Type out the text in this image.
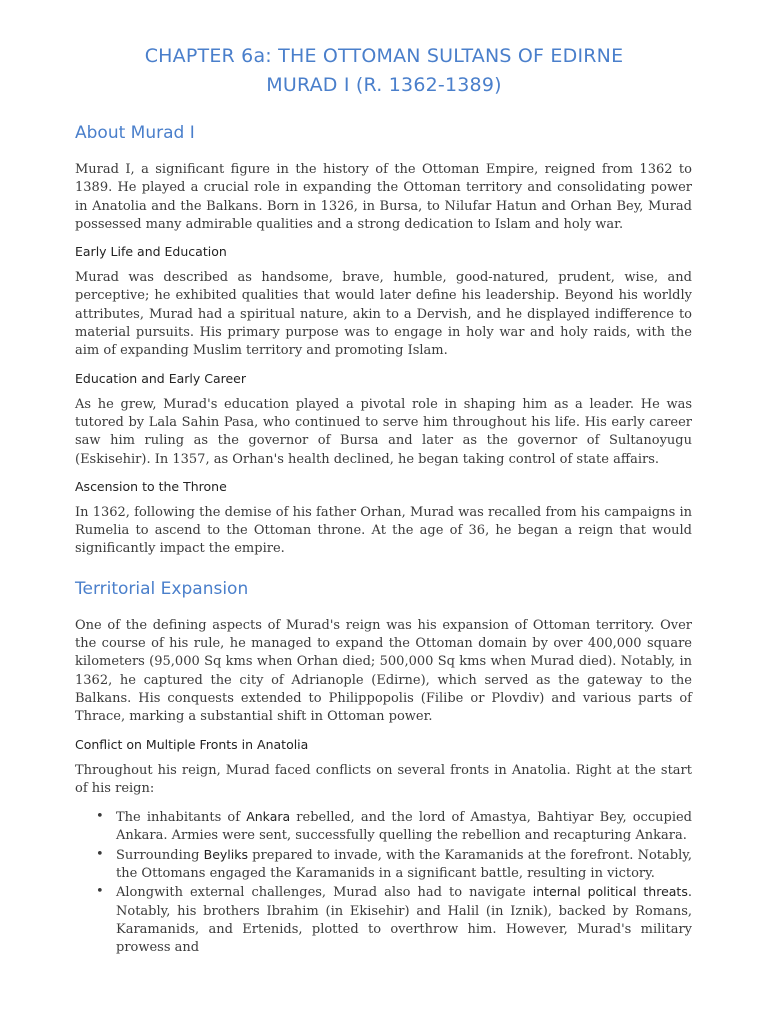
CHAPTER 6a: THE OTTOMAN SULTANS OF EDIRNE
MURAD I (R. 1362-1389)
About Murad I

Murad I, a significant figure in the history of the Ottoman Empire, reigned from 1362 to 1389. He played a crucial role in expanding the Ottoman territory and consolidating power in Anatolia and the Balkans. Born in 1326, in Bursa, to Nilufar Hatun and Orhan Bey, Murad possessed many admirable qualities and a strong dedication to Islam and holy war.

Early Life and Education

Murad was described as handsome, brave, humble, good-natured, prudent, wise, and perceptive; he exhibited qualities that would later define his leadership. Beyond his worldly attributes, Murad had a spiritual nature, akin to a Dervish, and he displayed indifference to material pursuits. His primary purpose was to engage in holy war and holy raids, with the aim of expanding Muslim territory and promoting Islam.

Education and Early Career

As he grew, Murad's education played a pivotal role in shaping him as a leader. He was tutored by Lala Sahin Pasa, who continued to serve him throughout his life. His early career saw him ruling as the governor of Bursa and later as the governor of Sultanoyugu (Eskisehir). In 1357, as Orhan's health declined, he began taking control of state affairs.

Ascension to the Throne

In 1362, following the demise of his father Orhan, Murad was recalled from his campaigns in Rumelia to ascend to the Ottoman throne. At the age of 36, he began a reign that would significantly impact the empire.

Territorial Expansion

One of the defining aspects of Murad's reign was his expansion of Ottoman territory. Over the course of his rule, he managed to expand the Ottoman domain by over 400,000 square kilometers (95,000 Sq kms when Orhan died; 500,000 Sq kms when Murad died). Notably, in 1362, he captured the city of Adrianople (Edirne), which served as the gateway to the Balkans. His conquests extended to Philippopolis (Filibe or Plovdiv) and various parts of Thrace, marking a substantial shift in Ottoman power.

Conflict on Multiple Fronts in Anatolia

Throughout his reign, Murad faced conflicts on several fronts in Anatolia. Right at the start of his reign:

• The inhabitants of Ankara rebelled, and the lord of Amastya, Bahtiyar Bey, occupied Ankara. Armies were sent, successfully quelling the rebellion and recapturing Ankara.
• Surrounding Beyliks prepared to invade, with the Karamanids at the forefront. Notably, the Ottomans engaged the Karamanids in a significant battle, resulting in victory.
• Alongwith external challenges, Murad also had to navigate internal political threats. Notably, his brothers Ibrahim (in Ekisehir) and Halil (in Iznik), backed by Romans, Karamanids, and Ertenids, plotted to overthrow him. However, Murad's military prowess and
